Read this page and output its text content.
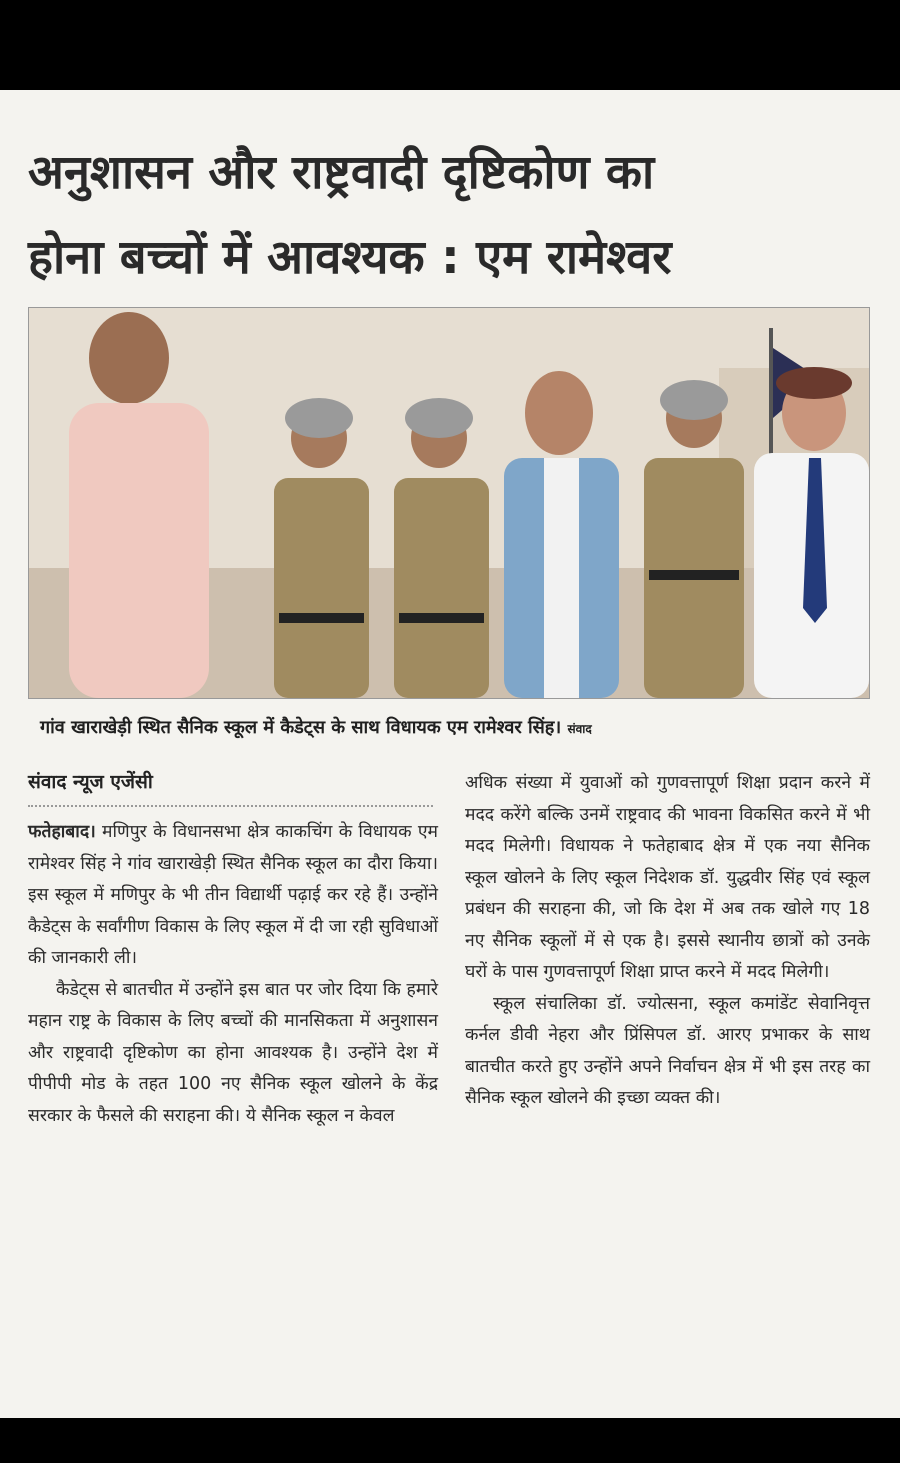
अनुशासन और राष्ट्रवादी दृष्टिकोण का
होना बच्चों में आवश्यक : एम रामेश्वर
गांव खाराखेड़ी स्थित सैनिक स्कूल में कैडेट्स के साथ विधायक एम रामेश्वर सिंह। संवाद
संवाद न्यूज एजेंसी

फतेहाबाद। मणिपुर के विधानसभा क्षेत्र काकचिंग के विधायक एम रामेश्वर सिंह ने गांव खाराखेड़ी स्थित सैनिक स्कूल का दौरा किया। इस स्कूल में मणिपुर के भी तीन विद्यार्थी पढ़ाई कर रहे हैं। उन्होंने कैडेट्स के सर्वांगीण विकास के लिए स्कूल में दी जा रही सुविधाओं की जानकारी ली।

कैडेट्स से बातचीत में उन्होंने इस बात पर जोर दिया कि हमारे महान राष्ट्र के विकास के लिए बच्चों की मानसिकता में अनुशासन और राष्ट्रवादी दृष्टिकोण का होना आवश्यक है। उन्होंने देश में पीपीपी मोड के तहत 100 नए सैनिक स्कूल खोलने के केंद्र सरकार के फैसले की सराहना की। ये सैनिक स्कूल न केवल

अधिक संख्या में युवाओं को गुणवत्तापूर्ण शिक्षा प्रदान करने में मदद करेंगे बल्कि उनमें राष्ट्रवाद की भावना विकसित करने में भी मदद मिलेगी। विधायक ने फतेहाबाद क्षेत्र में एक नया सैनिक स्कूल खोलने के लिए स्कूल निदेशक डॉ. युद्धवीर सिंह एवं स्कूल प्रबंधन की सराहना की, जो कि देश में अब तक खोले गए 18 नए सैनिक स्कूलों में से एक है। इससे स्थानीय छात्रों को उनके घरों के पास गुणवत्तापूर्ण शिक्षा प्राप्त करने में मदद मिलेगी।

स्कूल संचालिका डॉ. ज्योत्सना, स्कूल कमांडेंट सेवानिवृत्त कर्नल डीवी नेहरा और प्रिंसिपल डॉ. आरए प्रभाकर के साथ बातचीत करते हुए उन्होंने अपने निर्वाचन क्षेत्र में भी इस तरह का सैनिक स्कूल खोलने की इच्छा व्यक्त की।
